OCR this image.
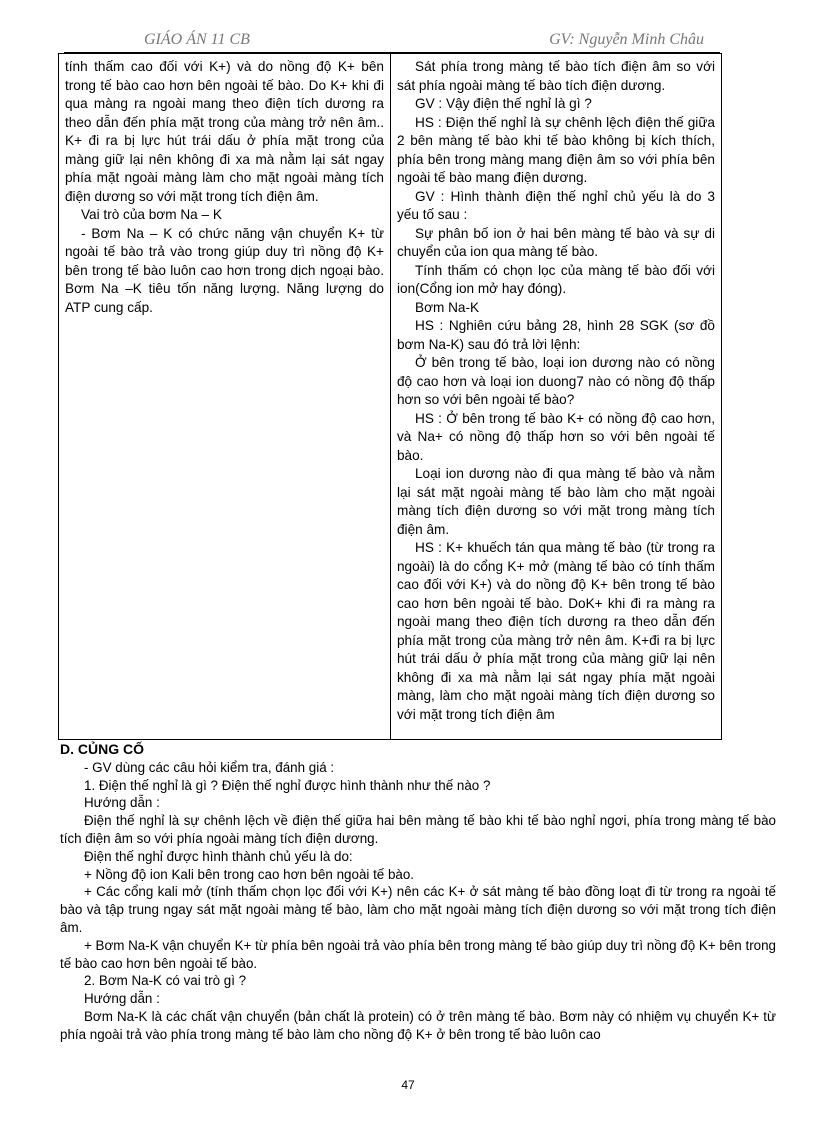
GIÁO ÁN 11 CB	GV: Nguyễn Minh Châu

tính thấm cao đối với K+) và do nồng độ K+ bên trong tế bào cao hơn bên ngoài tế bào. Do K+ khi đi qua màng ra ngoài mang theo điện tích dương ra theo dẫn đến phía mặt trong của màng trở nên âm.. K+ đi ra bị lực hút trái dấu ở phía mặt trong của màng giữ lại nên không đi xa mà nằm lại sát ngay phía mặt ngoài màng làm cho mặt ngoài màng tích điện dương so với mặt trong tích điện âm.

Vai trò của bơm Na – K

- Bơm Na – K có chức năng vận chuyển K+ từ ngoài tế bào trả vào trong giúp duy trì nồng độ K+ bên trong tế bào luôn cao hơn trong dịch ngoại bào. Bơm Na –K tiêu tốn năng lượng. Năng lượng do ATP cung cấp.

Sát phía trong màng tế bào tích điện âm so với sát phía ngoài màng tế bào tích điện dương.

GV : Vậy điện thế nghỉ là gì ?

HS : Điện thế nghỉ là sự chênh lệch điện thế giữa 2 bên màng tế bào khi tế bào không bị kích thích, phía bên trong màng mang điện âm so với phía bên ngoài tế bào mang điện dương.

GV : Hình thành điện thế nghỉ chủ yếu là do 3 yếu tố sau :

Sự phân bố ion ở hai bên màng tế bào và sự di chuyển của ion qua màng tế bào.

Tính thấm có chọn lọc của màng tế bào đối với ion(Cổng ion mở hay đóng).

Bơm Na-K

HS : Nghiên cứu bảng 28, hình 28 SGK (sơ đồ bơm Na-K) sau đó trả lời lệnh:

Ở bên trong tế bào, loại ion dương nào có nồng độ cao hơn và loại ion duong7 nào có nồng độ thấp hơn so với bên ngoài tế bào?

HS : Ở bên trong tế bào K+ có nồng độ cao hơn, và Na+ có nồng độ thấp hơn so với bên ngoài tế bào.

Loại ion dương nào đi qua màng tế bào và nằm lại sát mặt ngoài màng tế bào làm cho mặt ngoài màng tích điện dương so với mặt trong màng tích điện âm.

HS : K+ khuếch tán qua màng tế bào (từ trong ra ngoài) là do cổng K+ mở (màng tế bào có tính thấm cao đối với K+) và do nồng độ K+ bên trong tế bào cao hơn bên ngoài tế bào. DoK+ khi đi ra màng ra ngoài mang theo điện tích dương ra theo dẫn đến phía mặt trong của màng trở nên âm. K+đi ra bị lực hút trái dấu ở phía mặt trong của màng giữ lại nên không đi xa mà nằm lại sát ngay phía mặt ngoài màng, làm cho mặt ngoài màng tích điện dương so với mặt trong tích điện âm

D. CỦNG CỐ

- GV dùng các câu hỏi kiểm tra, đánh giá :

1. Điện thế nghỉ là gì ? Điện thế nghỉ được hình thành như thế nào ?

Hướng dẫn :

Điện thế nghỉ là sự chênh lệch về điện thế giữa hai bên màng tế bào khi tế bào nghỉ ngơi, phía trong màng tế bào tích điện âm so với phía ngoài màng tích điện dương.

Điện thế nghỉ được hình thành chủ yếu là do:

+ Nồng độ ion Kali bên trong cao hơn bên ngoài tế bào.

+ Các cổng kali mở (tính thấm chọn lọc đối với K+) nên các K+ ở sát màng tế bào đồng loạt đi từ trong ra ngoài tế bào và tập trung ngay sát mặt ngoài màng tế bào, làm cho mặt ngoài màng tích điện dương so với mặt trong tích điện âm.

+ Bơm Na-K vận chuyển K+ từ phía bên ngoài trả vào phía bên trong màng tế bào giúp duy trì nồng độ K+ bên trong tế bào cao hơn bên ngoài tế bào.

2. Bơm Na-K có vai trò gì ?

Hướng dẫn :

Bơm Na-K là các chất vận chuyển (bản chất là protein) có ở trên màng tế bào. Bơm này có nhiệm vụ chuyển K+ từ phía ngoài trả vào phía trong màng tế bào làm cho nồng độ K+ ở bên trong tế bào luôn cao

47
